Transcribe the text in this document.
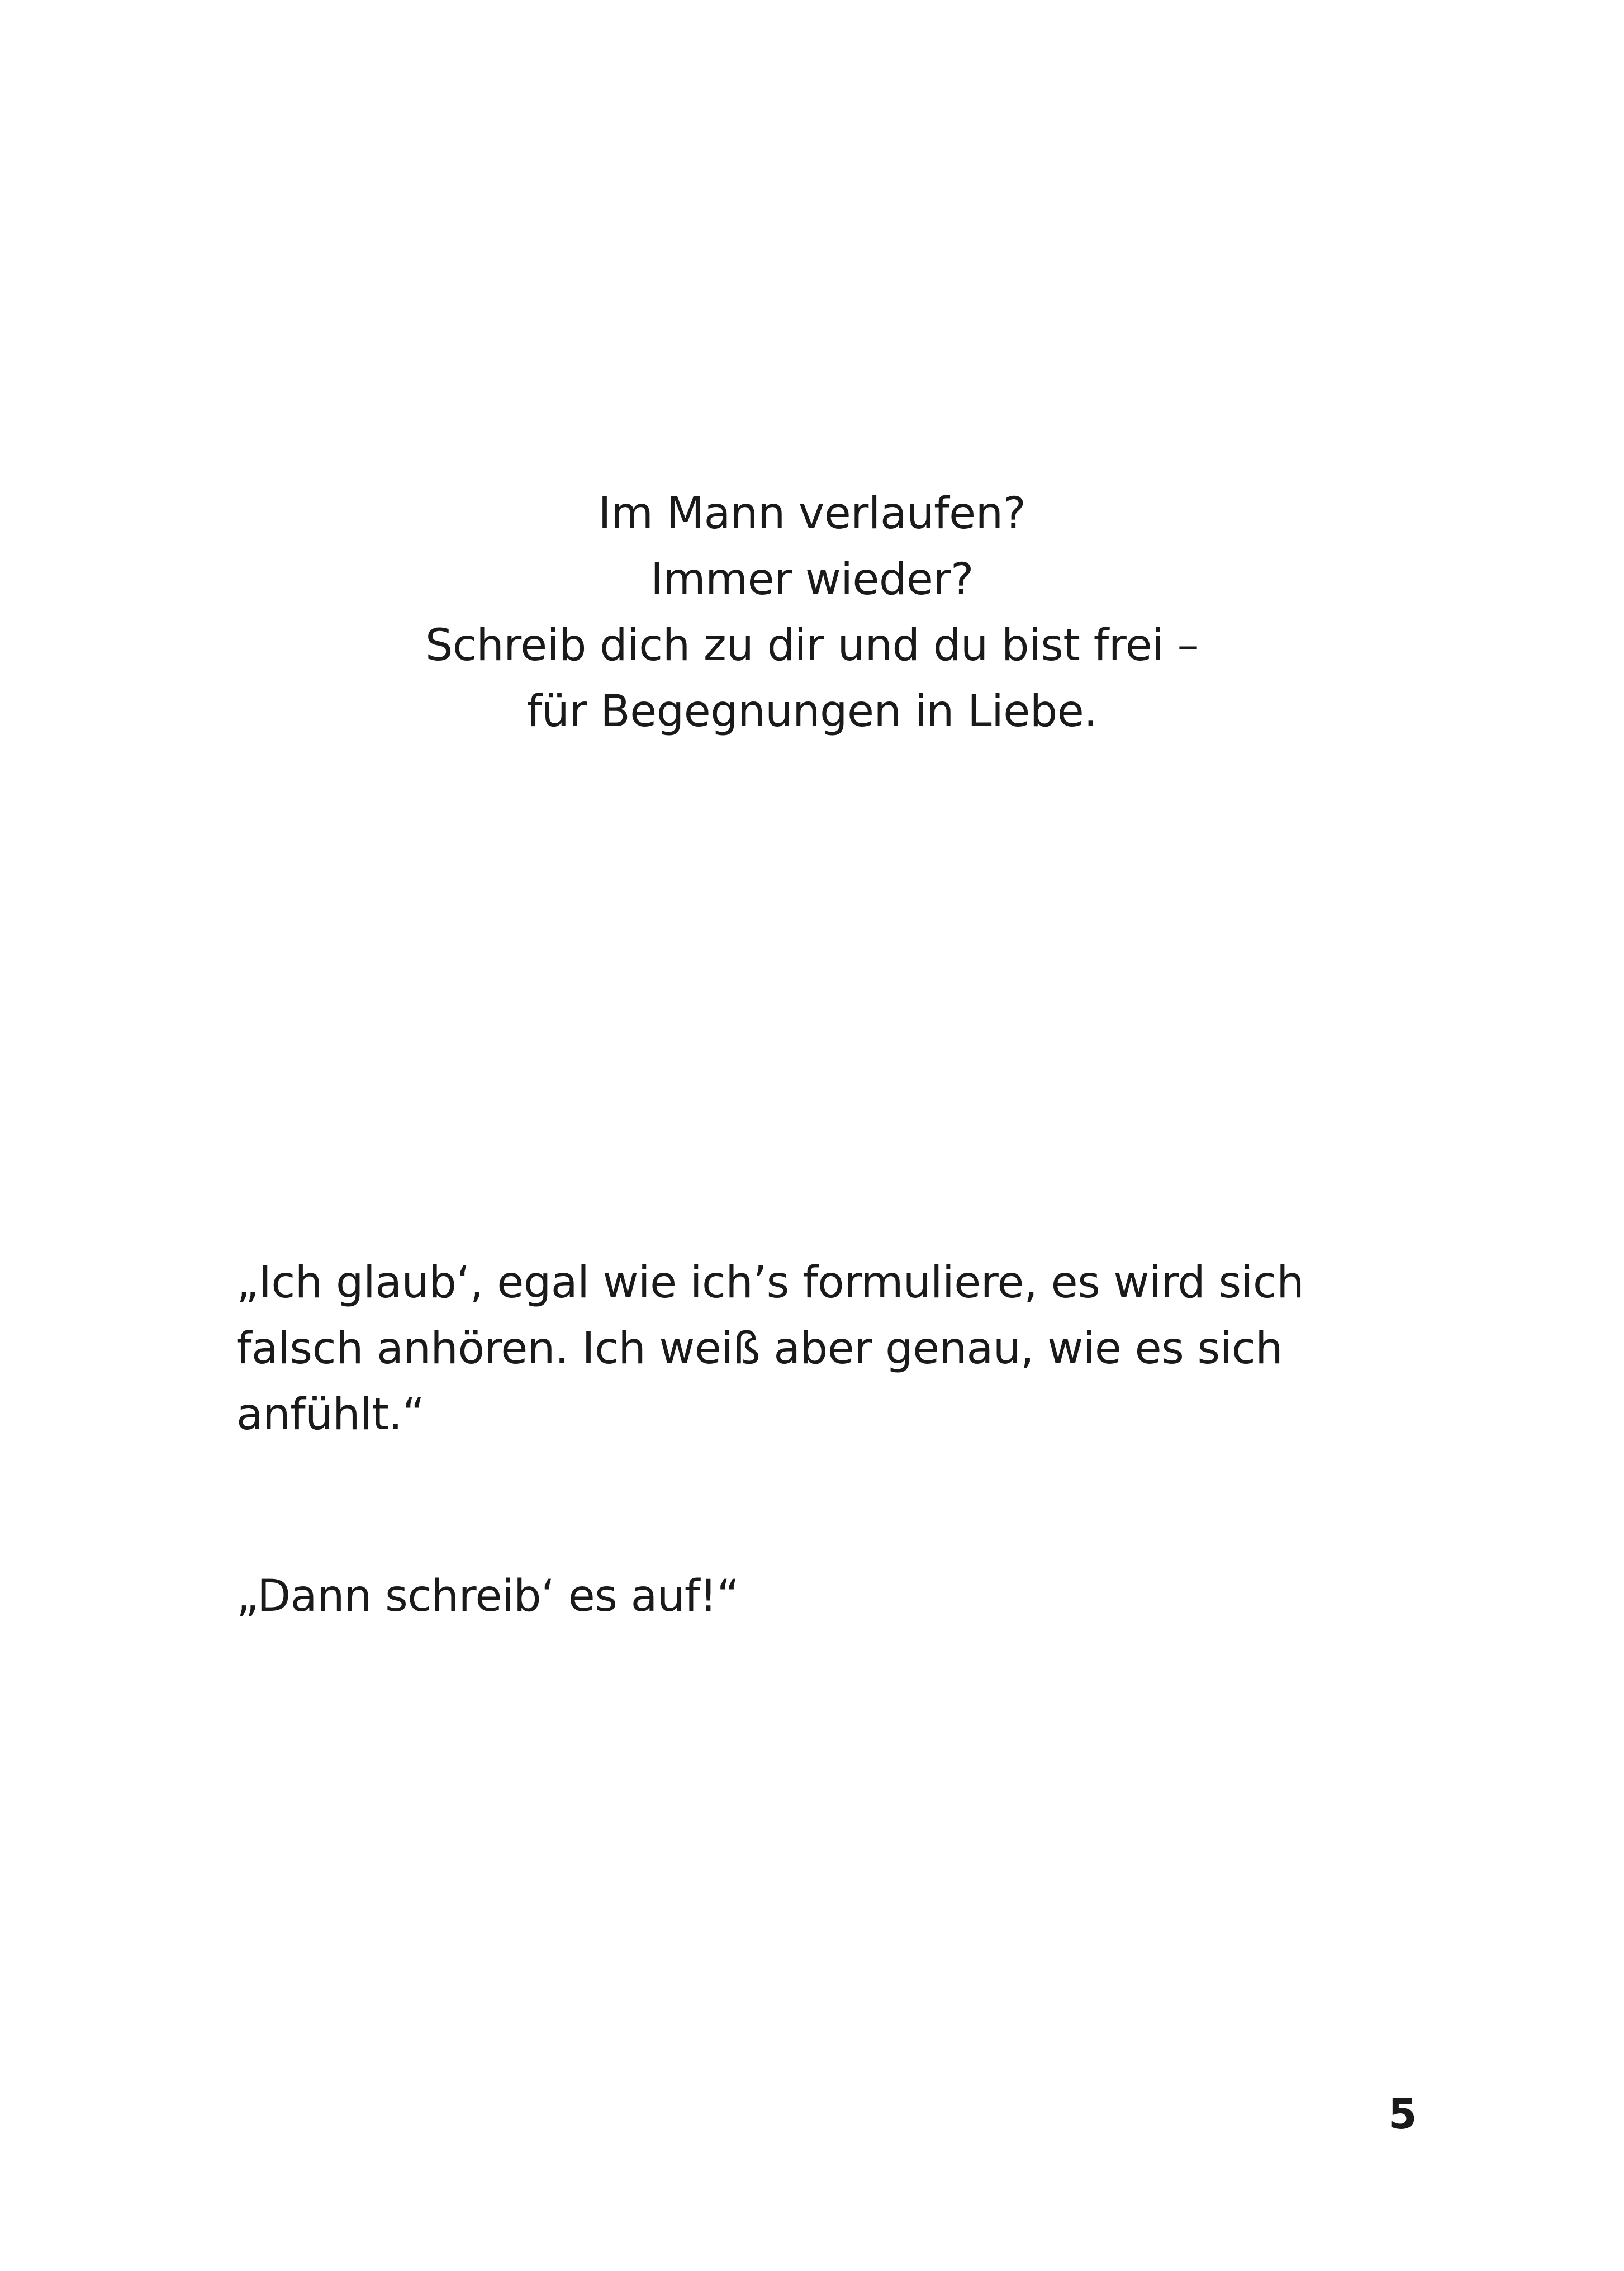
Im Mann verlaufen?
Immer wieder?
Schreib dich zu dir und du bist frei –
für Begegnungen in Liebe.
„Ich glaub‘, egal wie ich’s formuliere, es wird sich
falsch anhören. Ich weiß aber genau, wie es sich
anfühlt.“
„Dann schreib‘ es auf!“
5
